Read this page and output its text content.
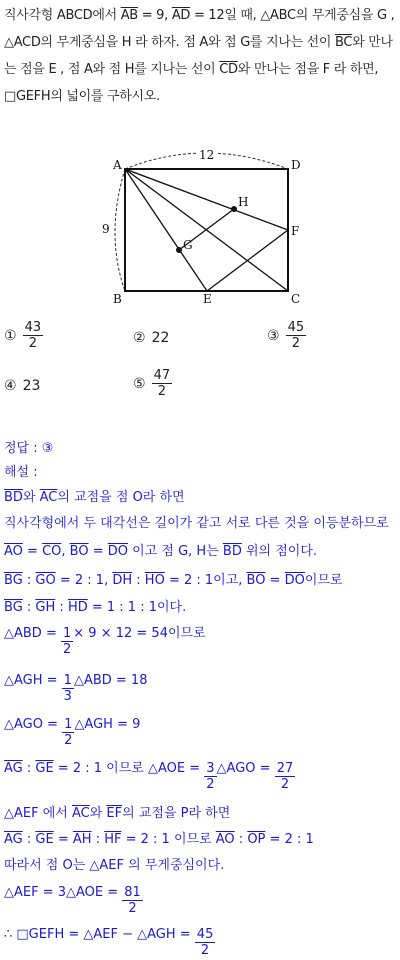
직사각형 ABCD에서 $\overline{AB} = 9$, $\overline{AD} = 12$일 때, △ABC의 무게중심을 G , △ACD의 무게중심을 H 라 하자. 점 A와 점 G를 지나는 선이 $\overline{BC}$와 만나는 점을 E , 점 A와 점 H를 지나는 선이 $\overline{CD}$와 만나는 점을 F 라 하면, □GEFH의 넓이를 구하시오.
A	D
B	C
E
F
G
H
12
9
① $\frac{43}{2}$	② 22	③ $\frac{45}{2}$
④ 23	⑤ $\frac{47}{2}$
정답 : ③
해설 :
$\overline{BD}$와 $\overline{AC}$의 교점을 점 O라 하면
직사각형에서 두 대각선은 길이가 같고 서로 다른 것을 이등분하므로
$\overline{AO} = \overline{CO}$, $\overline{BO} = \overline{DO}$ 이고 점 G, H는 $\overline{BD}$ 위의 점이다.
$\overline{BG}$ : $\overline{GO} = 2$ : 1, $\overline{DH}$ : $\overline{HO} = 2$ : 1이고, $\overline{BO} = \overline{DO}$이므로
$\overline{BG}$ : $\overline{GH}$ : $\overline{HD} = 1$ : 1 : 1이다.
△ABD = $\frac{1}{2} \times 9 \times 12 = 54$이므로
△AGH = $\frac{1}{3}$ △ABD = 18
△AGO = $\frac{1}{2}$ △AGH = 9
$\overline{AG}$ : $\overline{GE} = 2$ : 1 이므로 △AOE = $\frac{3}{2}$ △AGO = $\frac{27}{2}$
△AEF 에서 $\overline{AC}$와 $\overline{EF}$의 교점을 P라 하면
$\overline{AG}$ : $\overline{GE} = \overline{AH}$ : $\overline{HF} = 2$ : 1 이므로 $\overline{AO}$ : $\overline{OP} = 2$ : 1
따라서 점 O는 △AEF 의 무게중심이다.
△AEF = 3△AOE = $\frac{81}{2}$
∴ □GEFH = △AEF − △AGH = $\frac{45}{2}$
